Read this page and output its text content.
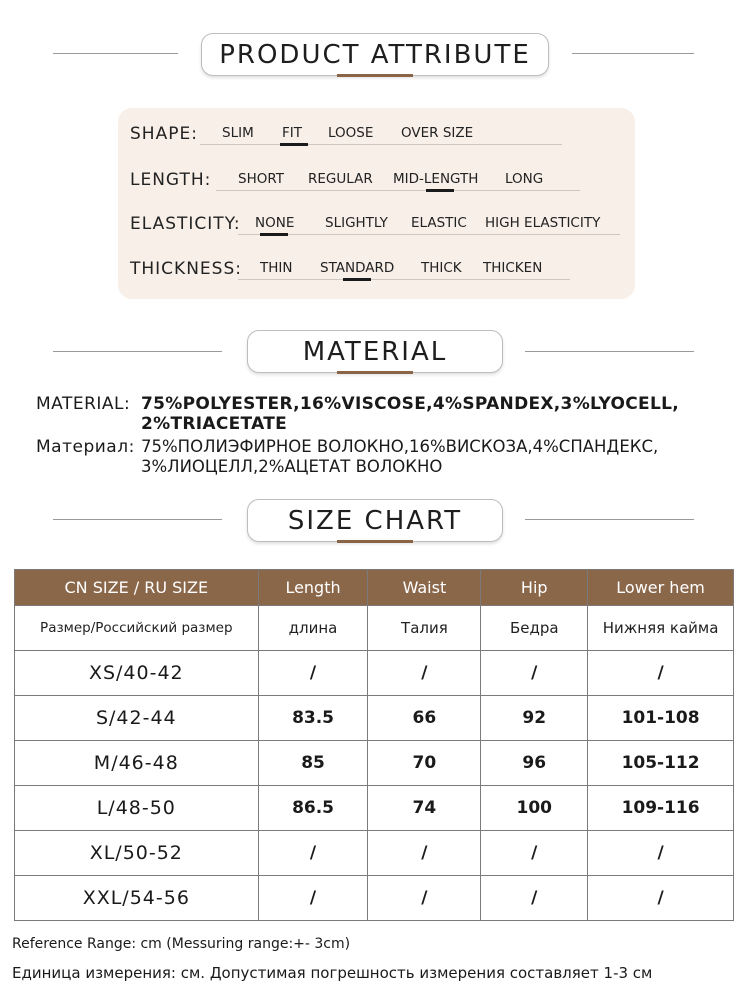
PRODUCT ATTRIBUTE
SHAPE: SLIM FIT LOOSE OVER SIZE
LENGTH: SHORT REGULAR MID-LENGTH LONG
ELASTICITY: NONE SLIGHTLY ELASTIC HIGH ELASTICITY
THICKNESS: THIN STANDARD THICK THICKEN
MATERIAL
MATERIAL: 75%POLYESTER,16%VISCOSE,4%SPANDEX,3%LYOCELL,
2%TRIACETATE
Материал: 75%ПОЛИЭФИРНОЕ ВОЛОКНО,16%ВИСКОЗА,4%СПАНДЕКС,
3%ЛИОЦЕЛЛ,2%АЦЕТАТ ВОЛОКНО
SIZE CHART
CN SIZE / RU SIZE	Length	Waist	Hip	Lower hem
Размер/Российский размер	длина	Талия	Бедра	Нижняя кайма
XS/40-42	/	/	/	/
S/42-44	83.5	66	92	101-108
M/46-48	85	70	96	105-112
L/48-50	86.5	74	100	109-116
XL/50-52	/	/	/	/
XXL/54-56	/	/	/	/
Reference Range: cm (Messuring range:+- 3cm)
Единица измерения: см. Допустимая погрешность измерения составляет 1-3 см
